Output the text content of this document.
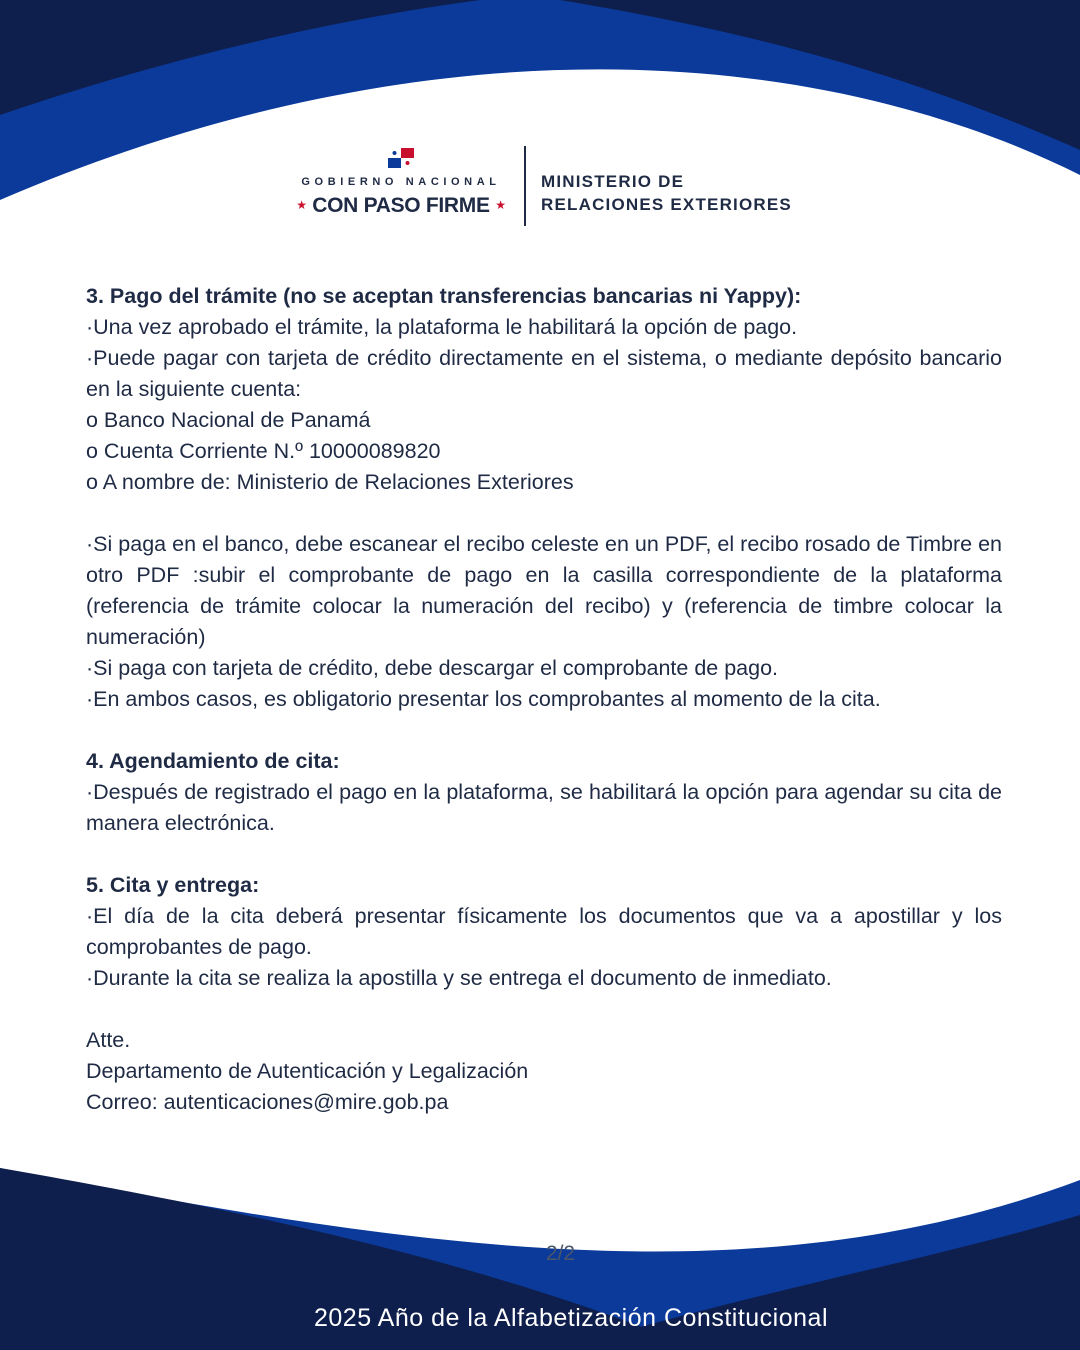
GOBIERNO NACIONAL
★ CON PASO FIRME ★
MINISTERIO DE
RELACIONES EXTERIORES

3. Pago del trámite (no se aceptan transferencias bancarias ni Yappy):

·Una vez aprobado el trámite, la plataforma le habilitará la opción de pago.

·Puede pagar con tarjeta de crédito directamente en el sistema, o mediante depósito bancario en la siguiente cuenta:

o Banco Nacional de Panamá

o Cuenta Corriente N.º 10000089820

o A nombre de: Ministerio de Relaciones Exteriores

·Si paga en el banco, debe escanear el recibo celeste en un PDF, el recibo rosado de Timbre en otro PDF :subir el comprobante de pago en la casilla correspondiente de la plataforma (referencia de trámite colocar la numeración del recibo) y (referencia de timbre colocar la numeración)

·Si paga con tarjeta de crédito, debe descargar el comprobante de pago.

·En ambos casos, es obligatorio presentar los comprobantes al momento de la cita.

4. Agendamiento de cita:

·Después de registrado el pago en la plataforma, se habilitará la opción para agendar su cita de manera electrónica.

5. Cita y entrega:

·El día de la cita deberá presentar físicamente los documentos que va a apostillar y los comprobantes de pago.

·Durante la cita se realiza la apostilla y se entrega el documento de inmediato.

Atte.

Departamento de Autenticación y Legalización

Correo: autenticaciones@mire.gob.pa

2/2
2025 Año de la Alfabetización Constitucional
